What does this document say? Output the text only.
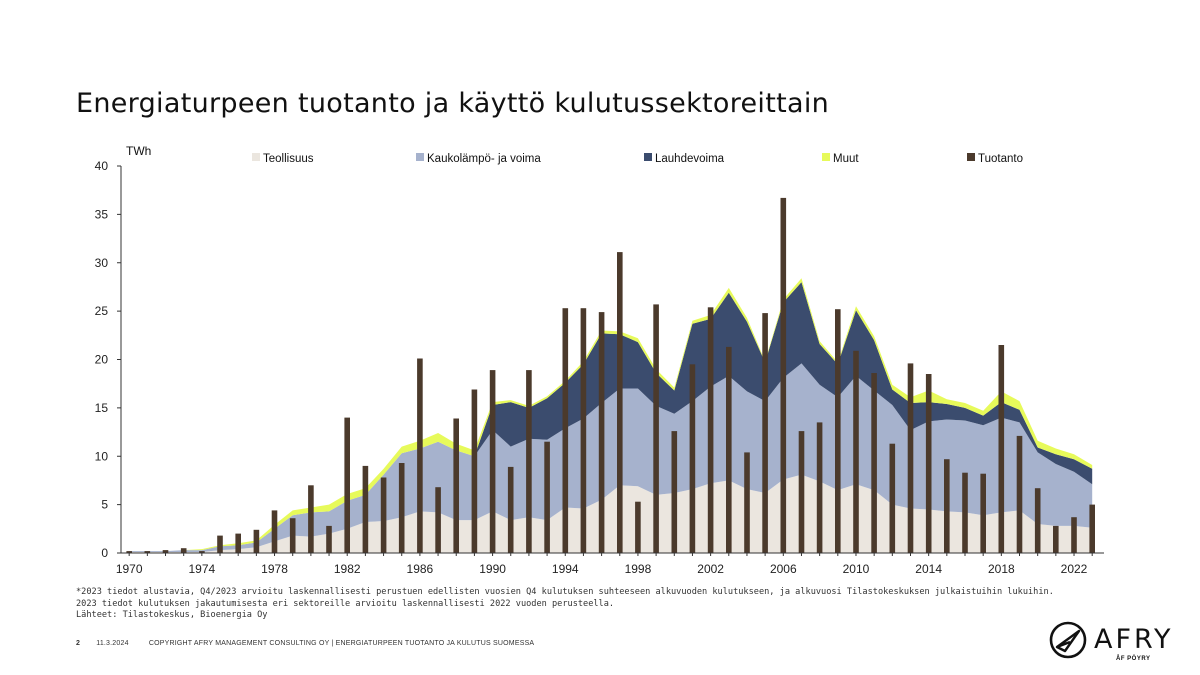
Energiaturpeen tuotanto ja käyttö kulutussektoreittain
0
5
10
15
20
25
30
35
40
1970	1974	1978	1982	1986	1990	1994	1998	2002	2006	2010	2014	2018	2022
Teollisuus	Kaukolämpö- ja voima	Lauhdevoima	Muut	Tuotanto
TWh
*2023 tiedot alustavia, Q4/2023 arvioitu laskennallisesti perustuen edellisten vuosien Q4 kulutuksen suhteeseen alkuvuoden kulutukseen, ja alkuvuosi Tilastokeskuksen julkaistuihin lukuihin.
2023 tiedot kulutuksen jakautumisesta eri sektoreille arvioitu laskennallisesti 2022 vuoden perusteella.
Lähteet: Tilastokeskus, Bioenergia Oy
2 11.3.2024	COPYRIGHT AFRY MANAGEMENT CONSULTING OY | ENERGIATURPEEN TUOTANTO JA KULUTUS SUOMESSA	AFRY
ÅF PÖYRY
